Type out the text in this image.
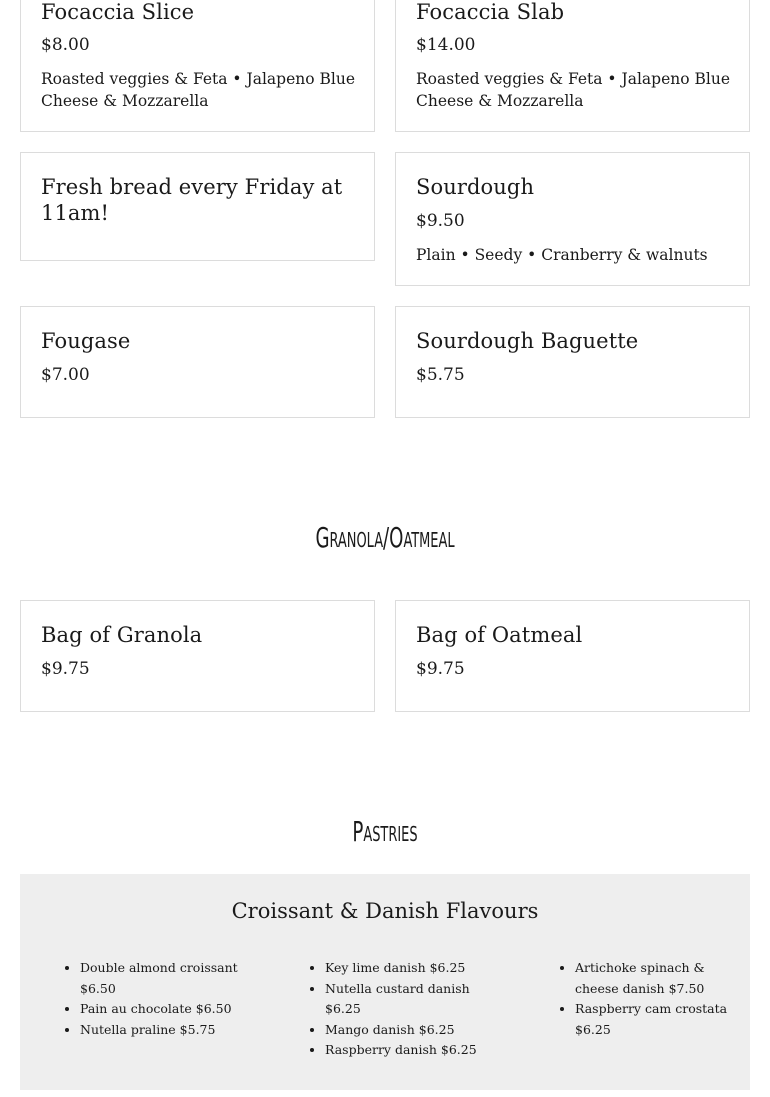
Focaccia Slice
$8.00
Roasted veggies & Feta • Jalapeno Blue Cheese & Mozzarella
Focaccia Slab
$14.00
Roasted veggies & Feta • Jalapeno Blue Cheese & Mozzarella
Fresh bread every Friday at 11am!
Sourdough
$9.50
Plain • Seedy • Cranberry & walnuts
Fougase
$7.00
Sourdough Baguette
$5.75
Granola/Oatmeal
Bag of Granola
$9.75
Bag of Oatmeal
$9.75
Pastries
Croissant & Danish Flavours
• Double almond croissant $6.50
• Pain au chocolate $6.50
• Nutella praline $5.75
• Key lime danish $6.25
• Nutella custard danish $6.25
• Mango danish $6.25
• Raspberry danish $6.25
• Artichoke spinach & cheese danish $7.50
• Raspberry cam crostata $6.25
